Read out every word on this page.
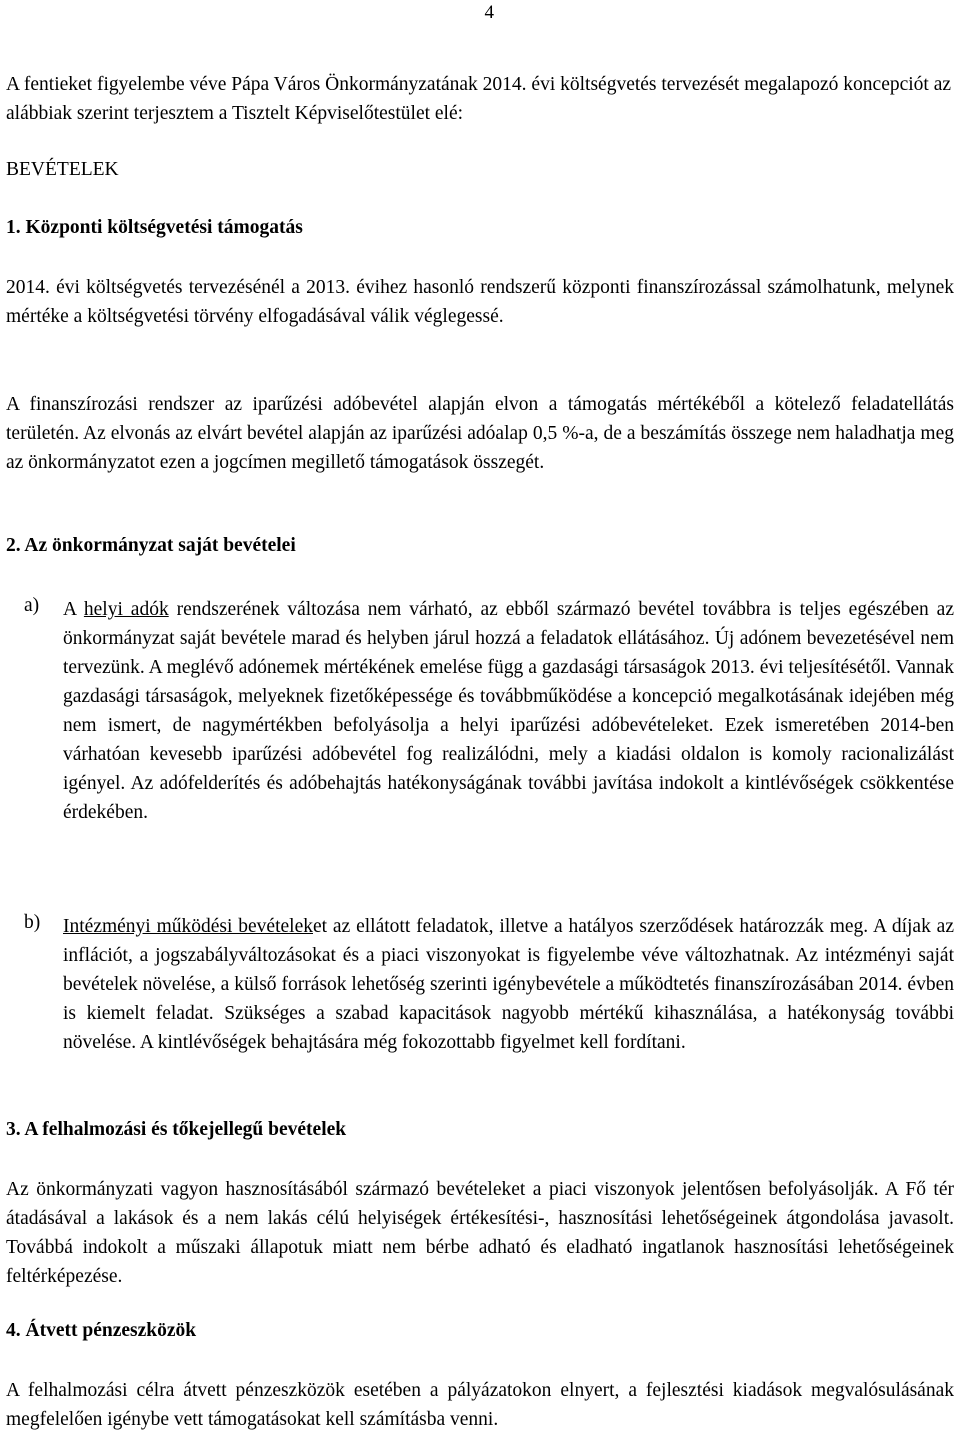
4

A fentieket figyelembe véve Pápa Város Önkormányzatának 2014. évi költségvetés tervezését megalapozó koncepciót az alábbiak szerint terjesztem a Tisztelt Képviselőtestület elé:

BEVÉTELEK
1. Központi költségvetési támogatás

2014. évi költségvetés tervezésénél a 2013. évihez hasonló rendszerű központi finanszírozással számolhatunk, melynek mértéke a költségvetési törvény elfogadásával válik véglegessé.

A finanszírozási rendszer az iparűzési adóbevétel alapján elvon a támogatás mértékéből a kötelező feladatellátás területén. Az elvonás az elvárt bevétel alapján az iparűzési adóalap 0,5 %-a, de a beszámítás összege nem haladhatja meg az önkormányzatot ezen a jogcímen megillető támogatások összegét.

2. Az önkormányzat saját bevételei
a) A helyi adók rendszerének változása nem várható, az ebből származó bevétel továbbra is teljes egészében az önkormányzat saját bevétele marad és helyben járul hozzá a feladatok ellátásához. Új adónem bevezetésével nem tervezünk. A meglévő adónemek mértékének emelése függ a gazdasági társaságok 2013. évi teljesítésétől. Vannak gazdasági társaságok, melyeknek fizetőképessége és továbbműködése a koncepció megalkotásának idejében még nem ismert, de nagymértékben befolyásolja a helyi iparűzési adóbevételeket. Ezek ismeretében 2014-ben várhatóan kevesebb iparűzési adóbevétel fog realizálódni, mely a kiadási oldalon is komoly racionalizálást igényel. Az adófelderítés és adóbehajtás hatékonyságának további javítása indokolt a kintlévőségek csökkentése érdekében.

b) Intézményi működési bevételeket az ellátott feladatok, illetve a hatályos szerződések határozzák meg. A díjak az inflációt, a jogszabályváltozásokat és a piaci viszonyokat is figyelembe véve változhatnak. Az intézményi saját bevételek növelése, a külső források lehetőség szerinti igénybevétele a működtetés finanszírozásában 2014. évben is kiemelt feladat. Szükséges a szabad kapacitások nagyobb mértékű kihasználása, a hatékonyság további növelése. A kintlévőségek behajtására még fokozottabb figyelmet kell fordítani.

3. A felhalmozási és tőkejellegű bevételek

Az önkormányzati vagyon hasznosításából származó bevételeket a piaci viszonyok jelentősen befolyásolják. A Fő tér átadásával a lakások és a nem lakás célú helyiségek értékesítési-, hasznosítási lehetőségeinek átgondolása javasolt. Továbbá indokolt a műszaki állapotuk miatt nem bérbe adható és eladható ingatlanok hasznosítási lehetőségeinek feltérképezése.

4. Átvett pénzeszközök

A felhalmozási célra átvett pénzeszközök esetében a pályázatokon elnyert, a fejlesztési kiadások megvalósulásának megfelelően igénybe vett támogatásokat kell számításba venni.
